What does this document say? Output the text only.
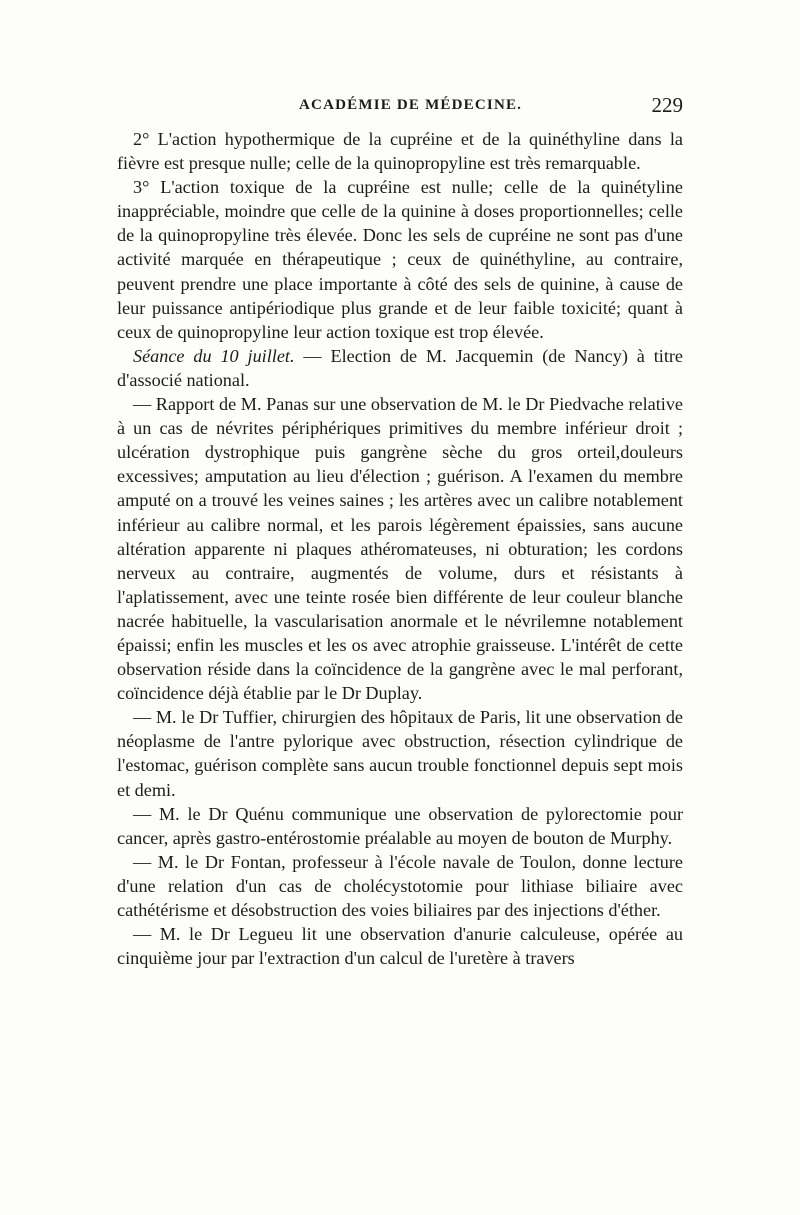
ACADÉMIE DE MÉDECINE.	229

2° L'action hypothermique de la cupréine et de la quinéthyline dans la fièvre est presque nulle; celle de la quinopropyline est très remarquable.

3° L'action toxique de la cupréine est nulle; celle de la quinétyline inappréciable, moindre que celle de la quinine à doses proportionnelles; celle de la quinopropyline très élevée. Donc les sels de cupréine ne sont pas d'une activité marquée en thérapeutique ; ceux de quinéthyline, au contraire, peuvent prendre une place importante à côté des sels de quinine, à cause de leur puissance antipériodique plus grande et de leur faible toxicité; quant à ceux de quinopropyline leur action toxique est trop élevée.

Séance du 10 juillet. — Election de M. Jacquemin (de Nancy) à titre d'associé national.

— Rapport de M. Panas sur une observation de M. le Dr Piedvache relative à un cas de névrites périphériques primitives du membre inférieur droit ; ulcération dystrophique puis gangrène sèche du gros orteil,douleurs excessives; amputation au lieu d'élection ; guérison. A l'examen du membre amputé on a trouvé les veines saines ; les artères avec un calibre notablement inférieur au calibre normal, et les parois légèrement épaissies, sans aucune altération apparente ni plaques athéromateuses, ni obturation; les cordons nerveux au contraire, augmentés de volume, durs et résistants à l'aplatissement, avec une teinte rosée bien différente de leur couleur blanche nacrée habituelle, la vascularisation anormale et le névrilemne notablement épaissi; enfin les muscles et les os avec atrophie graisseuse. L'intérêt de cette observation réside dans la coïncidence de la gangrène avec le mal perforant, coïncidence déjà établie par le Dr Duplay.

— M. le Dr Tuffier, chirurgien des hôpitaux de Paris, lit une observation de néoplasme de l'antre pylorique avec obstruction, résection cylindrique de l'estomac, guérison complète sans aucun trouble fonctionnel depuis sept mois et demi.

— M. le Dr Quénu communique une observation de pylorectomie pour cancer, après gastro-entérostomie préalable au moyen de bouton de Murphy.

— M. le Dr Fontan, professeur à l'école navale de Toulon, donne lecture d'une relation d'un cas de cholécystotomie pour lithiase biliaire avec cathétérisme et désobstruction des voies biliaires par des injections d'éther.

— M. le Dr Legueu lit une observation d'anurie calculeuse, opérée au cinquième jour par l'extraction d'un calcul de l'uretère à travers
